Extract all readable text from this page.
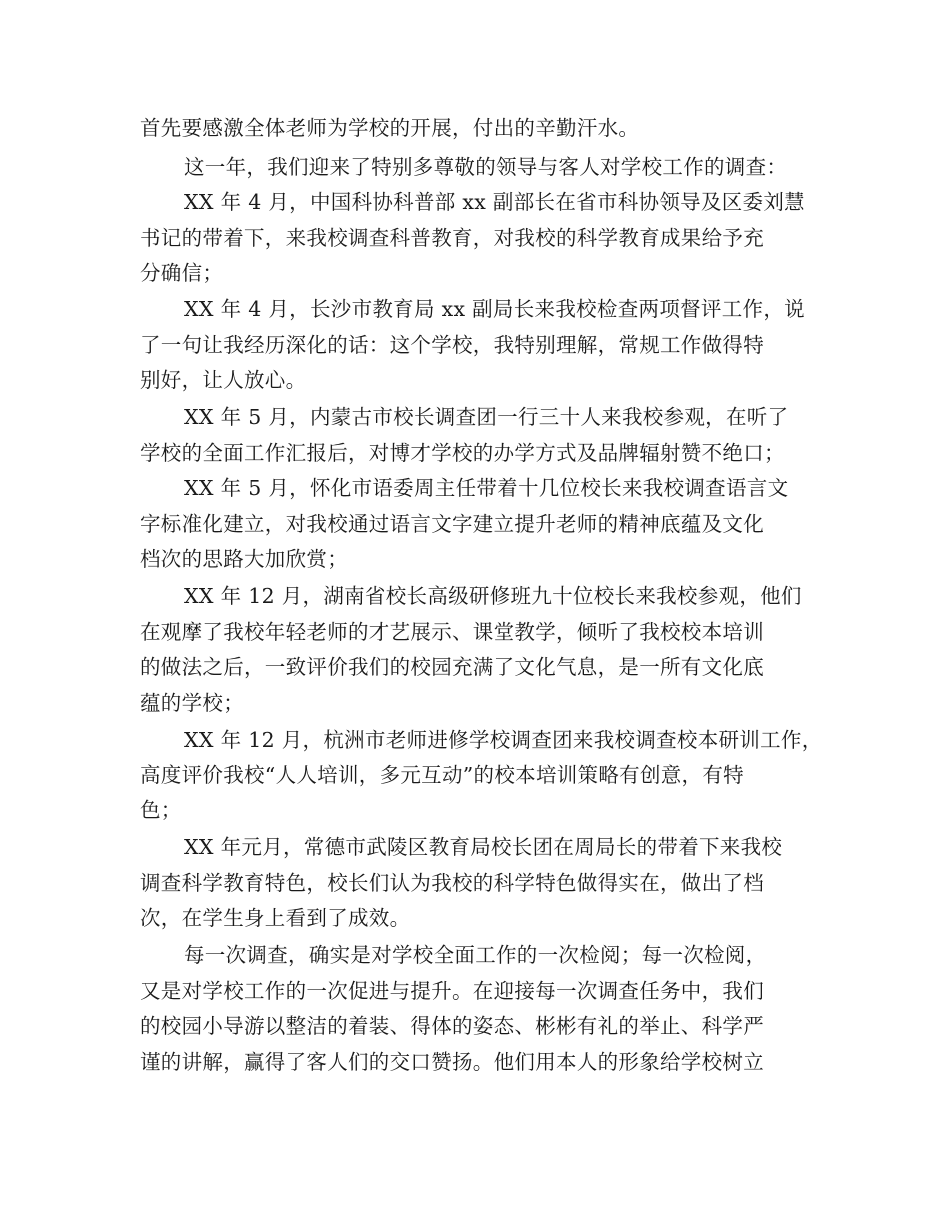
首先要感激全体老师为学校的开展，付出的辛勤汗水。
这一年，我们迎来了特别多尊敬的领导与客人对学校工作的调查：
XX 年 4 月，中国科协科普部 xx 副部长在省市科协领导及区委刘慧
书记的带着下，来我校调查科普教育，对我校的科学教育成果给予充
分确信；
XX 年 4 月，长沙市教育局 xx 副局长来我校检查两项督评工作，说
了一句让我经历深化的话：这个学校，我特别理解，常规工作做得特
别好，让人放心。
XX 年 5 月，内蒙古市校长调查团一行三十人来我校参观，在听了
学校的全面工作汇报后，对博才学校的办学方式及品牌辐射赞不绝口；
XX 年 5 月，怀化市语委周主任带着十几位校长来我校调查语言文
字标准化建立，对我校通过语言文字建立提升老师的精神底蕴及文化
档次的思路大加欣赏；
XX 年 12 月，湖南省校长高级研修班九十位校长来我校参观，他们
在观摩了我校年轻老师的才艺展示、课堂教学，倾听了我校校本培训
的做法之后，一致评价我们的校园充满了文化气息，是一所有文化底
蕴的学校；
XX 年 12 月，杭洲市老师进修学校调查团来我校调查校本研训工作，
高度评价我校“人人培训，多元互动”的校本培训策略有创意，有特
色；
XX 年元月，常德市武陵区教育局校长团在周局长的带着下来我校
调查科学教育特色，校长们认为我校的科学特色做得实在，做出了档
次，在学生身上看到了成效。
每一次调查，确实是对学校全面工作的一次检阅；每一次检阅，
又是对学校工作的一次促进与提升。在迎接每一次调查任务中，我们
的校园小导游以整洁的着装、得体的姿态、彬彬有礼的举止、科学严
谨的讲解，赢得了客人们的交口赞扬。他们用本人的形象给学校树立
